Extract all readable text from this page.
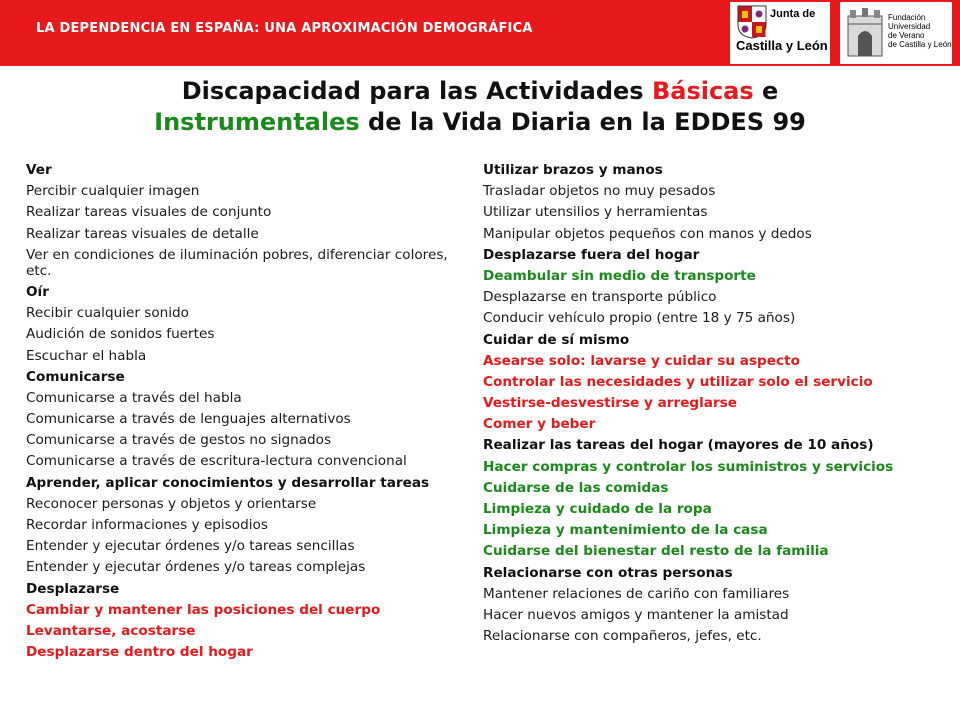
LA DEPENDENCIA EN ESPAÑA: UNA APROXIMACIÓN DEMOGRÁFICA
Junta de
Castilla y León
Fundación
Universidad
de Verano
de Castilla y León
Discapacidad para las Actividades Básicas e
Instrumentales de la Vida Diaria en la EDDES 99
Ver
Percibir cualquier imagen
Realizar tareas visuales de conjunto
Realizar tareas visuales de detalle
Ver en condiciones de iluminación pobres, diferenciar colores, etc.
Oír
Recibir cualquier sonido
Audición de sonidos fuertes
Escuchar el habla
Comunicarse
Comunicarse a través del habla
Comunicarse a través de lenguajes alternativos
Comunicarse a través de gestos no signados
Comunicarse a través de escritura-lectura convencional
Aprender, aplicar conocimientos y desarrollar tareas
Reconocer personas y objetos y orientarse
Recordar informaciones y episodios
Entender y ejecutar órdenes y/o tareas sencillas
Entender y ejecutar órdenes y/o tareas complejas
Desplazarse
Cambiar y mantener las posiciones del cuerpo
Levantarse, acostarse
Desplazarse dentro del hogar
Utilizar brazos y manos
Trasladar objetos no muy pesados
Utilizar utensilios y herramientas
Manipular objetos pequeños con manos y dedos
Desplazarse fuera del hogar
Deambular sin medio de transporte
Desplazarse en transporte público
Conducir vehículo propio (entre 18 y 75 años)
Cuidar de sí mismo
Asearse solo: lavarse y cuidar su aspecto
Controlar las necesidades y utilizar solo el servicio
Vestirse-desvestirse y arreglarse
Comer y beber
Realizar las tareas del hogar (mayores de 10 años)
Hacer compras y controlar los suministros y servicios
Cuidarse de las comidas
Limpieza y cuidado de la ropa
Limpieza y mantenimiento de la casa
Cuidarse del bienestar del resto de la familia
Relacionarse con otras personas
Mantener relaciones de cariño con familiares
Hacer nuevos amigos y mantener la amistad
Relacionarse con compañeros, jefes, etc.
